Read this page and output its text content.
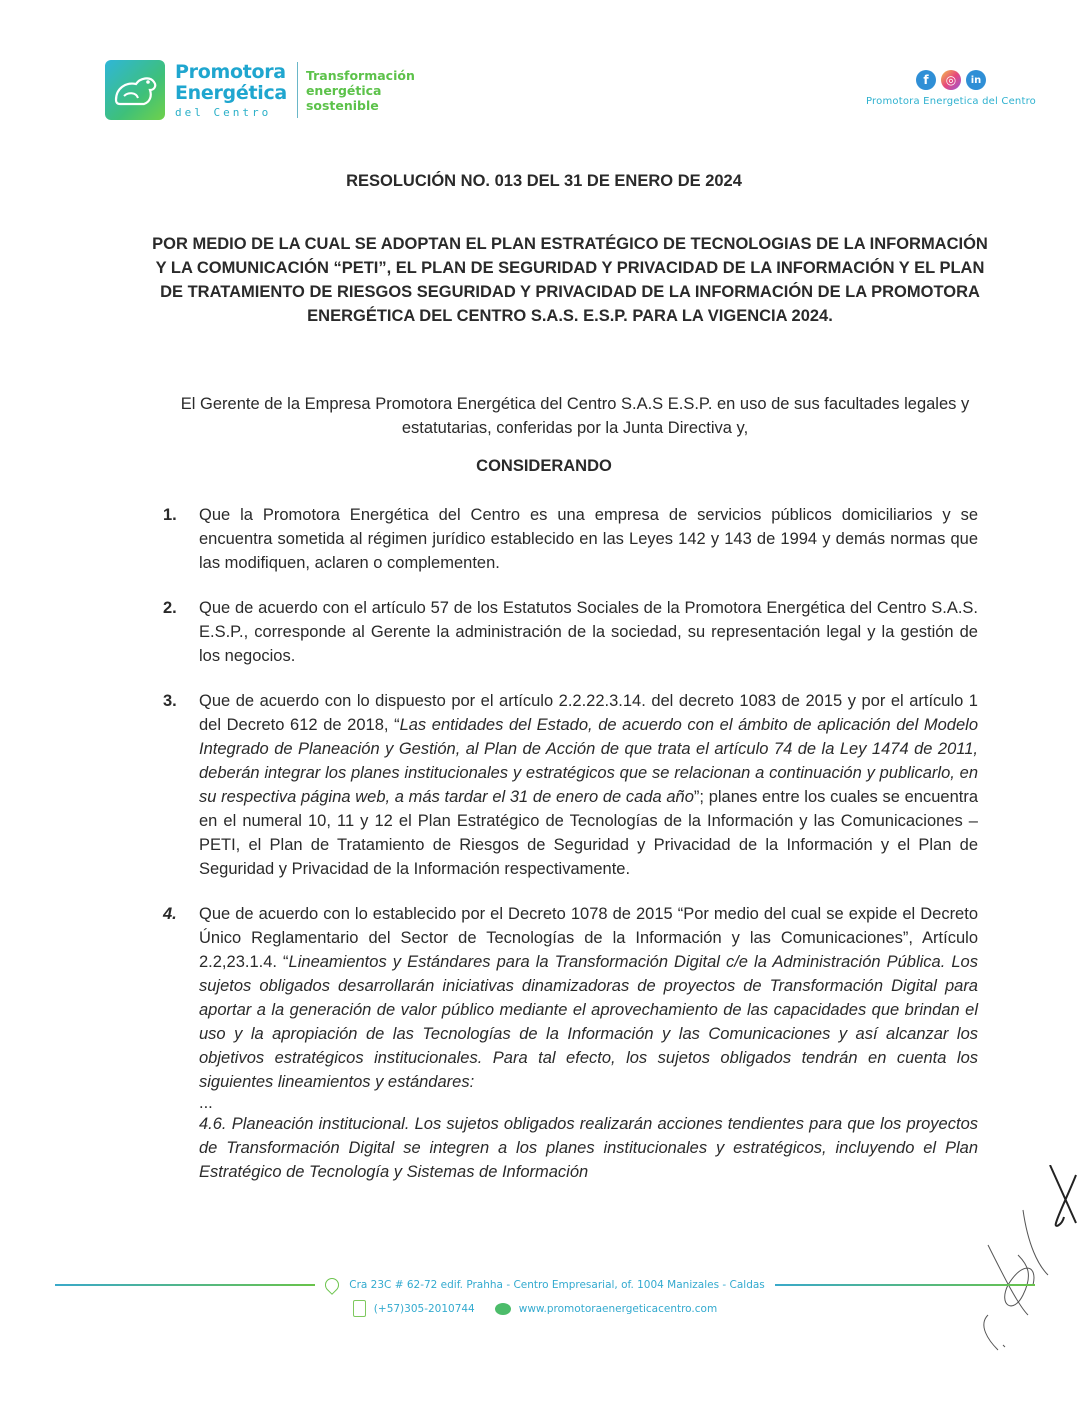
Promotora
Energética
del Centro
Transformación
energética
sostenible
f	◎	in
Promotora Energetica del Centro
RESOLUCIÓN NO. 013 DEL 31 DE ENERO DE 2024
POR MEDIO DE LA CUAL SE ADOPTAN EL PLAN ESTRATÉGICO DE TECNOLOGIAS DE LA INFORMACIÓN Y LA COMUNICACIÓN “PETI”, EL PLAN DE SEGURIDAD Y PRIVACIDAD DE LA INFORMACIÓN Y EL PLAN DE TRATAMIENTO DE RIESGOS SEGURIDAD Y PRIVACIDAD DE LA INFORMACIÓN DE LA PROMOTORA ENERGÉTICA DEL CENTRO S.A.S. E.S.P. PARA LA VIGENCIA 2024.
El Gerente de la Empresa Promotora Energética del Centro S.A.S E.S.P. en uso de sus facultades legales y estatutarias, conferidas por la Junta Directiva y,
CONSIDERANDO
1.	Que la Promotora Energética del Centro es una empresa de servicios públicos domiciliarios y se encuentra sometida al régimen jurídico establecido en las Leyes 142 y 143 de 1994 y demás normas que las modifiquen, aclaren o complementen.
2.	Que de acuerdo con el artículo 57 de los Estatutos Sociales de la Promotora Energética del Centro S.A.S. E.S.P., corresponde al Gerente la administración de la sociedad, su representación legal y la gestión de los negocios.
3.	Que de acuerdo con lo dispuesto por el artículo 2.2.22.3.14. del decreto 1083 de 2015 y por el artículo 1 del Decreto 612 de 2018, “Las entidades del Estado, de acuerdo con el ámbito de aplicación del Modelo Integrado de Planeación y Gestión, al Plan de Acción de que trata el artículo 74 de la Ley 1474 de 2011, deberán integrar los planes institucionales y estratégicos que se relacionan a continuación y publicarlo, en su respectiva página web, a más tardar el 31 de enero de cada año”; planes entre los cuales se encuentra en el numeral 10, 11 y 12 el Plan Estratégico de Tecnologías de la Información y las Comunicaciones – PETI, el Plan de Tratamiento de Riesgos de Seguridad y Privacidad de la Información y el Plan de Seguridad y Privacidad de la Información respectivamente.
4.	Que de acuerdo con lo establecido por el Decreto 1078 de 2015 “Por medio del cual se expide el Decreto Único Reglamentario del Sector de Tecnologías de la Información y las Comunicaciones”, Artículo 2.2,23.1.4. “Lineamientos y Estándares para la Transformación Digital c/e la Administración Pública. Los sujetos obligados desarrollarán iniciativas dinamizadoras de proyectos de Transformación Digital para aportar a la generación de valor público mediante el aprovechamiento de las capacidades que brindan el uso y la apropiación de las Tecnologías de la Información y las Comunicaciones y así alcanzar los objetivos estratégicos institucionales. Para tal efecto, los sujetos obligados tendrán en cuenta los siguientes lineamientos y estándares:
...
4.6. Planeación institucional. Los sujetos obligados realizarán acciones tendientes para que los proyectos de Transformación Digital se integren a los planes institucionales y estratégicos, incluyendo el Plan Estratégico de Tecnología y Sistemas de Información
Cra 23C # 62-72 edif. Prahha - Centro Empresarial, of. 1004 Manizales - Caldas
(+57)305-2010744	www.promotoraenergeticacentro.com
